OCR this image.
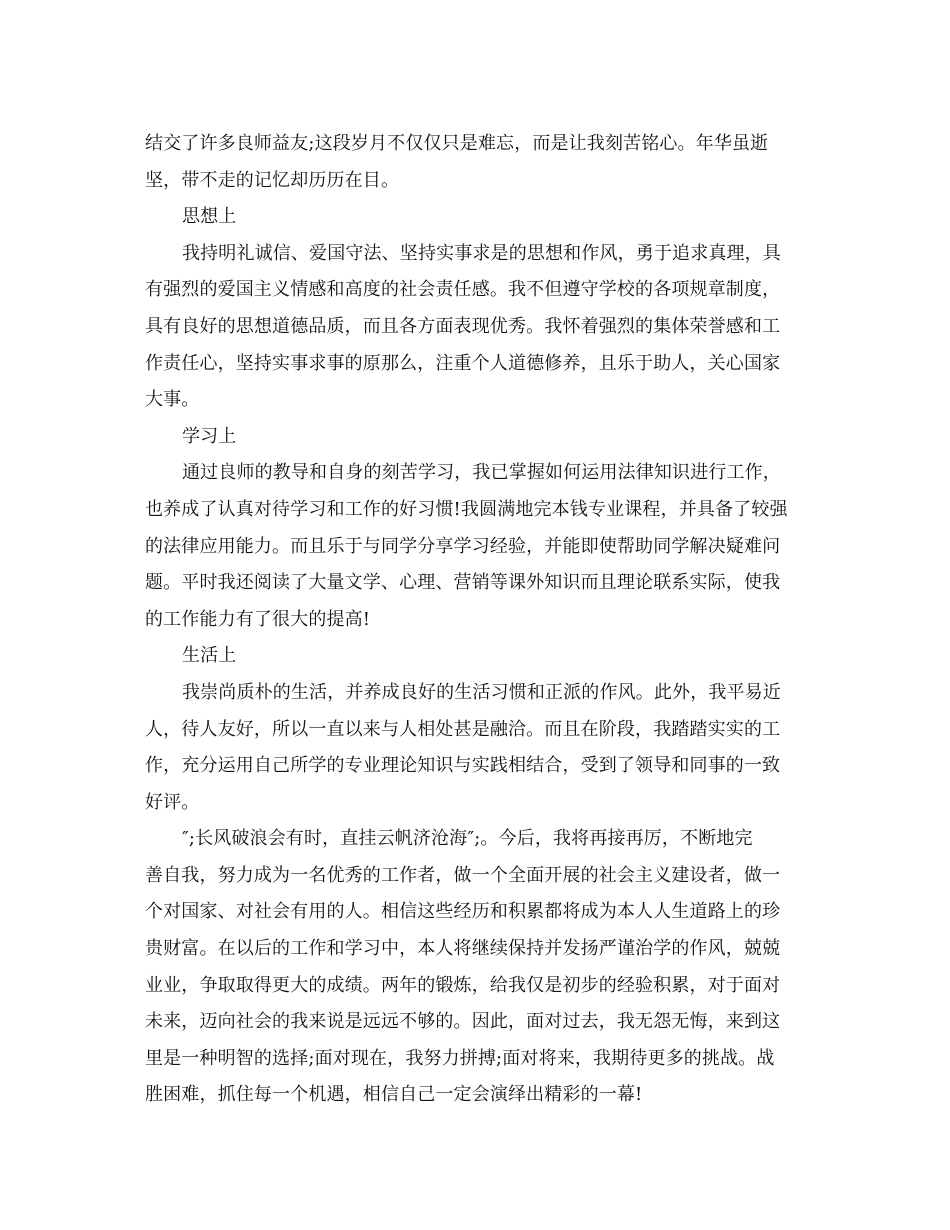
结交了许多良师益友;这段岁月不仅仅只是难忘，而是让我刻苦铭心。年华虽逝
坚，带不走的记忆却历历在目。
思想上
我持明礼诚信、爱国守法、坚持实事求是的思想和作风，勇于追求真理，具
有强烈的爱国主义情感和高度的社会责任感。我不但遵守学校的各项规章制度，
具有良好的思想道德品质，而且各方面表现优秀。我怀着强烈的集体荣誉感和工
作责任心，坚持实事求事的原那么，注重个人道德修养，且乐于助人，关心国家
大事。
学习上
通过良师的教导和自身的刻苦学习，我已掌握如何运用法律知识进行工作，
也养成了认真对待学习和工作的好习惯!我圆满地完本钱专业课程，并具备了较强
的法律应用能力。而且乐于与同学分享学习经验，并能即使帮助同学解决疑难问
题。平时我还阅读了大量文学、心理、营销等课外知识而且理论联系实际，使我
的工作能力有了很大的提高!
生活上
我崇尚质朴的生活，并养成良好的生活习惯和正派的作风。此外，我平易近
人，待人友好，所以一直以来与人相处甚是融洽。而且在阶段，我踏踏实实的工
作，充分运用自己所学的专业理论知识与实践相结合，受到了领导和同事的一致
好评。
″;长风破浪会有时，直挂云帆济沧海″;。今后，我将再接再厉，不断地完
善自我，努力成为一名优秀的工作者，做一个全面开展的社会主义建设者，做一
个对国家、对社会有用的人。相信这些经历和积累都将成为本人人生道路上的珍
贵财富。在以后的工作和学习中，本人将继续保持并发扬严谨治学的作风，兢兢
业业，争取取得更大的成绩。两年的锻炼，给我仅是初步的经验积累，对于面对
未来，迈向社会的我来说是远远不够的。因此，面对过去，我无怨无悔，来到这
里是一种明智的选择;面对现在，我努力拼搏;面对将来，我期待更多的挑战。战
胜困难，抓住每一个机遇，相信自己一定会演绎出精彩的一幕!
